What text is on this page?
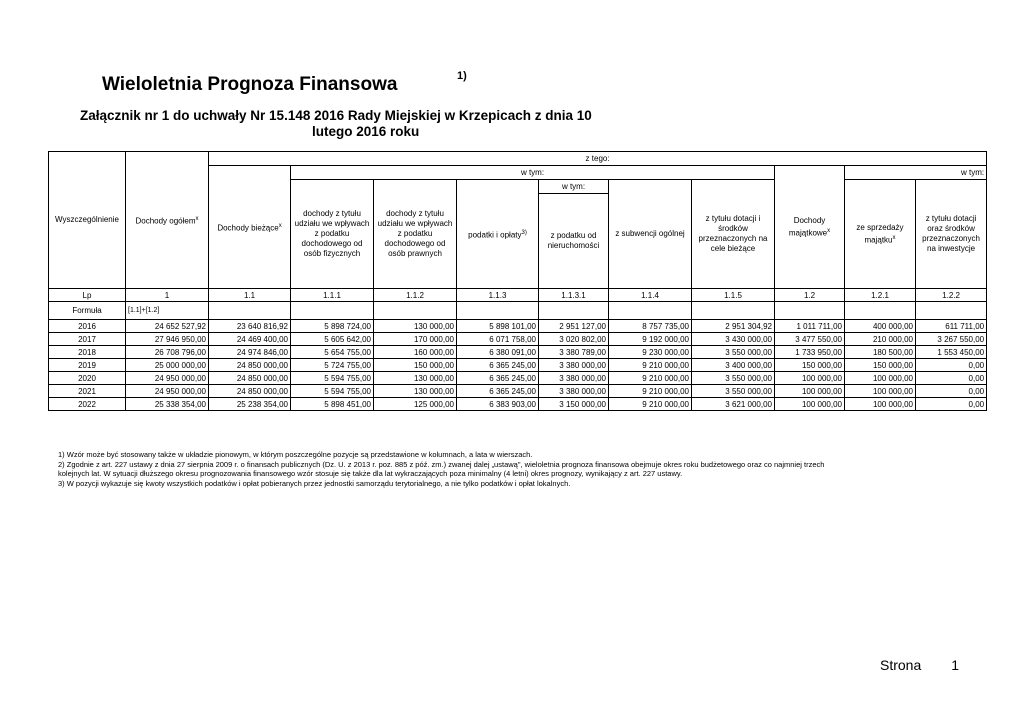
Wieloletnia Prognoza Finansowa	1)
Załącznik nr 1 do uchwały Nr 15.148 2016 Rady Miejskiej w Krzepicach z dnia 10
lutego 2016 roku
Wyszczególnienie	Dochody ogółem$^x$	z tego:									
		Dochody bieżące$^x$	w tym:						Dochody majątkowe$^x$	w tym:	
			dochody z tytułu udziału we wpływach z podatku dochodowego od osób fizycznych	dochody z tytułu udziału we wpływach z podatku dochodowego od osób prawnych	podatki i opłaty$^{3)}$	w tym:	z subwencji ogólnej	z tytułu dotacji i środków przeznaczonych na cele bieżące		ze sprzedaży majątku$^x$	z tytułu dotacji oraz środków przeznaczonych na inwestycje
						z podatku od nieruchomości					
Lp	1	1.1	1.1.1	1.1.2	1.1.3	1.1.3.1	1.1.4	1.1.5	1.2	1.2.1	1.2.2
Formuła	[1.1]+[1.2]										
2016	24 652 527,92	23 640 816,92	5 898 724,00	130 000,00	5 898 101,00	2 951 127,00	8 757 735,00	2 951 304,92	1 011 711,00	400 000,00	611 711,00
2017	27 946 950,00	24 469 400,00	5 605 642,00	170 000,00	6 071 758,00	3 020 802,00	9 192 000,00	3 430 000,00	3 477 550,00	210 000,00	3 267 550,00
2018	26 708 796,00	24 974 846,00	5 654 755,00	160 000,00	6 380 091,00	3 380 789,00	9 230 000,00	3 550 000,00	1 733 950,00	180 500,00	1 553 450,00
2019	25 000 000,00	24 850 000,00	5 724 755,00	150 000,00	6 365 245,00	3 380 000,00	9 210 000,00	3 400 000,00	150 000,00	150 000,00	0,00
2020	24 950 000,00	24 850 000,00	5 594 755,00	130 000,00	6 365 245,00	3 380 000,00	9 210 000,00	3 550 000,00	100 000,00	100 000,00	0,00
2021	24 950 000,00	24 850 000,00	5 594 755,00	130 000,00	6 365 245,00	3 380 000,00	9 210 000,00	3 550 000,00	100 000,00	100 000,00	0,00
2022	25 338 354,00	25 238 354,00	5 898 451,00	125 000,00	6 383 903,00	3 150 000,00	9 210 000,00	3 621 000,00	100 000,00	100 000,00	0,00
1) Wzór może być stosowany także w układzie pionowym, w którym poszczególne pozycje są przedstawione w kolumnach, a lata w wierszach.
2) Zgodnie z art. 227 ustawy z dnia 27 sierpnia 2009 r. o finansach publicznych (Dz. U. z 2013 r. poz. 885 z póź. zm.) zwanej dalej „ustawą", wieloletnia prognoza finansowa obejmuje okres roku budżetowego oraz co najmniej trzech
kolejnych lat. W sytuacji dłuższego okresu prognozowania finansowego wzór stosuje się także dla lat wykraczających poza minimalny (4 letni) okres prognozy, wynikający z art. 227 ustawy.
3) W pozycji wykazuje się kwoty wszystkich podatków i opłat pobieranych przez jednostki samorządu terytorialnego, a nie tylko podatków i opłat lokalnych.
Strona 1
